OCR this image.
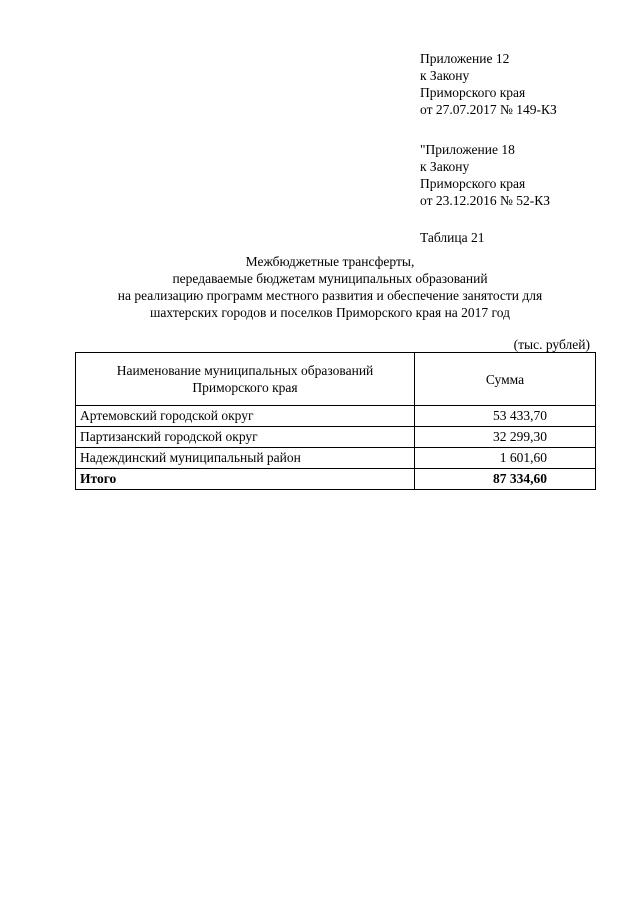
Приложение 12
к Закону
Приморского края
от 27.07.2017 № 149-КЗ
"Приложение 18
к Закону
Приморского края
от 23.12.2016 № 52-КЗ
Таблица 21
Межбюджетные трансферты,
передаваемые бюджетам муниципальных образований
на реализацию программ местного развития и обеспечение занятости для
шахтерских городов и поселков Приморского края на 2017 год
(тыс. рублей)
Наименование муниципальных образований Приморского края	Сумма
Артемовский городской округ	53 433,70
Партизанский городской округ	32 299,30
Надеждинский муниципальный район	1 601,60
Итого	87 334,60
